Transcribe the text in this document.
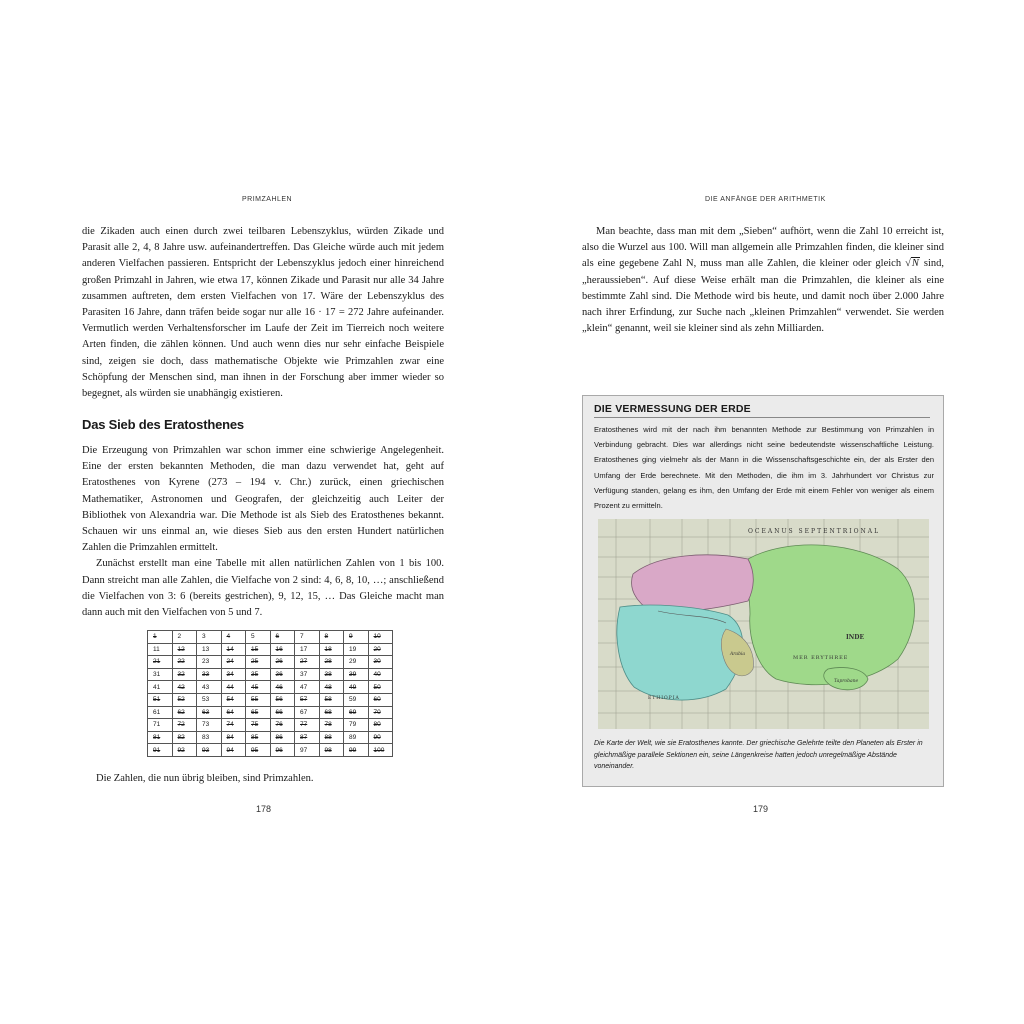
PRIMZAHLEN

die Zikaden auch einen durch zwei teilbaren Lebenszyklus, würden Zikade und Parasit alle 2, 4, 8 Jahre usw. aufeinandertreffen. Das Gleiche würde auch mit jedem anderen Vielfachen passieren. Entspricht der Lebenszyklus jedoch einer hinreichend großen Primzahl in Jahren, wie etwa 17, können Zikade und Parasit nur alle 34 Jahre zusammen auftreten, dem ersten Vielfachen von 17. Wäre der Lebenszyklus des Parasiten 16 Jahre, dann träfen beide sogar nur alle 16 · 17 = 272 Jahre aufeinander. Vermutlich werden Verhaltensforscher im Laufe der Zeit im Tierreich noch weitere Arten finden, die zählen können. Und auch wenn dies nur sehr einfache Beispiele sind, zeigen sie doch, dass mathematische Objekte wie Primzahlen zwar eine Schöpfung der Menschen sind, man ihnen in der Forschung aber immer wieder so begegnet, als würden sie unabhängig existieren.

Das Sieb des Eratosthenes

Die Erzeugung von Primzahlen war schon immer eine schwierige Angelegenheit. Eine der ersten bekannten Methoden, die man dazu verwendet hat, geht auf Eratosthenes von Kyrene (273 – 194 v. Chr.) zurück, einen griechischen Mathematiker, Astronomen und Geografen, der gleichzeitig auch Leiter der Bibliothek von Alexandria war. Die Methode ist als Sieb des Eratosthenes bekannt. Schauen wir uns einmal an, wie dieses Sieb aus den ersten Hundert natürlichen Zahlen die Primzahlen ermittelt.

Zunächst erstellt man eine Tabelle mit allen natürlichen Zahlen von 1 bis 100. Dann streicht man alle Zahlen, die Vielfache von 2 sind: 4, 6, 8, 10, …; anschließend die Vielfachen von 3: 6 (bereits gestrichen), 9, 12, 15, … Das Gleiche macht man dann auch mit den Vielfachen von 5 und 7.

1	2	3	4	5	6	7	8	9	10
11	12	13	14	15	16	17	18	19	20
21	22	23	24	25	26	27	28	29	30
31	32	33	34	35	36	37	38	39	40
41	42	43	44	45	46	47	48	49	50
51	52	53	54	55	56	57	58	59	60
61	62	63	64	65	66	67	68	69	70
71	72	73	74	75	76	77	78	79	80
81	82	83	84	85	86	87	88	89	90
91	92	93	94	95	96	97	98	99	100

Die Zahlen, die nun übrig bleiben, sind Primzahlen.

178
DIE ANFÄNGE DER ARITHMETIK

Man beachte, dass man mit dem „Sieben“ aufhört, wenn die Zahl 10 erreicht ist, also die Wurzel aus 100. Will man allgemein alle Primzahlen finden, die kleiner sind als eine gegebene Zahl N, muss man alle Zahlen, die kleiner oder gleich √N sind, „heraussieben“. Auf diese Weise erhält man die Primzahlen, die kleiner als eine bestimmte Zahl sind. Die Methode wird bis heute, und damit noch über 2.000 Jahre nach ihrer Erfindung, zur Suche nach „kleinen Primzahlen“ verwendet. Sie werden „klein“ genannt, weil sie kleiner sind als zehn Milliarden.

DIE VERMESSUNG DER ERDE

Eratosthenes wird mit der nach ihm benannten Methode zur Bestimmung von Primzahlen in Verbindung gebracht. Dies war allerdings nicht seine bedeutendste wissenschaftliche Leistung. Eratosthenes ging vielmehr als der Mann in die Wissenschaftsgeschichte ein, der als Erster den Umfang der Erde berechnete. Mit den Methoden, die ihm im 3. Jahrhundert vor Christus zur Verfügung standen, gelang es ihm, den Umfang der Erde mit einem Fehler von weniger als einem Prozent zu ermitteln.

OCEANUS SEPTENTRIONAL
MER ERYTHREE
Taprobane
ETHIOPIA
Arabia
INDE

Die Karte der Welt, wie sie Eratosthenes kannte. Der griechische Gelehrte teilte den Planeten als Erster in gleichmäßige parallele Sektionen ein, seine Längenkreise hatten jedoch unregelmäßige Abstände voneinander.

179
